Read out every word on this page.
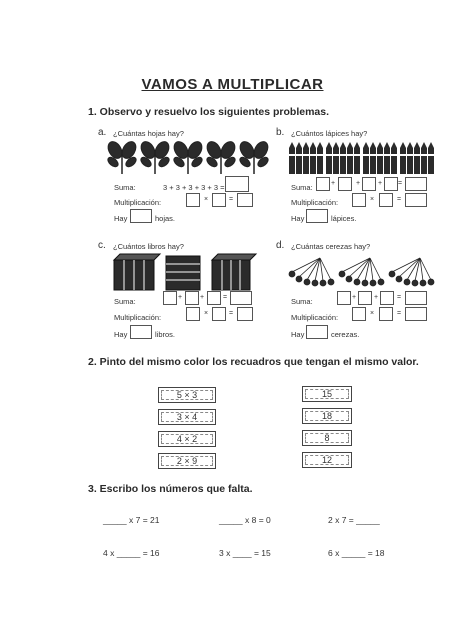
VAMOS A MULTIPLICAR
1. Observo y resuelvo los siguientes problemas.
a. ¿Cuántas hojas hay?
Suma:	3 + 3 + 3 + 3 + 3 =
Multiplicación:	×	=
Hay	hojas.
b. ¿Cuántos lápices hay?
Suma:	+	+	+ =
Multiplicación:	×	=
Hay	lápices.
c. ¿Cuántos libros hay?
Suma:	+	+	=
Multiplicación:	×	=
Hay	libros.
d. ¿Cuántas cerezas hay?
Suma:	+	+	=
Multiplicación:	×	=
Hay	cerezas.
2. Pinto del mismo color los recuadros que tengan el mismo valor.
5 × 3
3 × 4
4 × 2
2 × 9
15
18
8
12
3. Escribo los números que falta.
_____ x 7 = 21	_____ x 8 = 0	2 x 7 = _____
4 x _____ = 16	3 x ____ = 15	6 x _____ = 18
